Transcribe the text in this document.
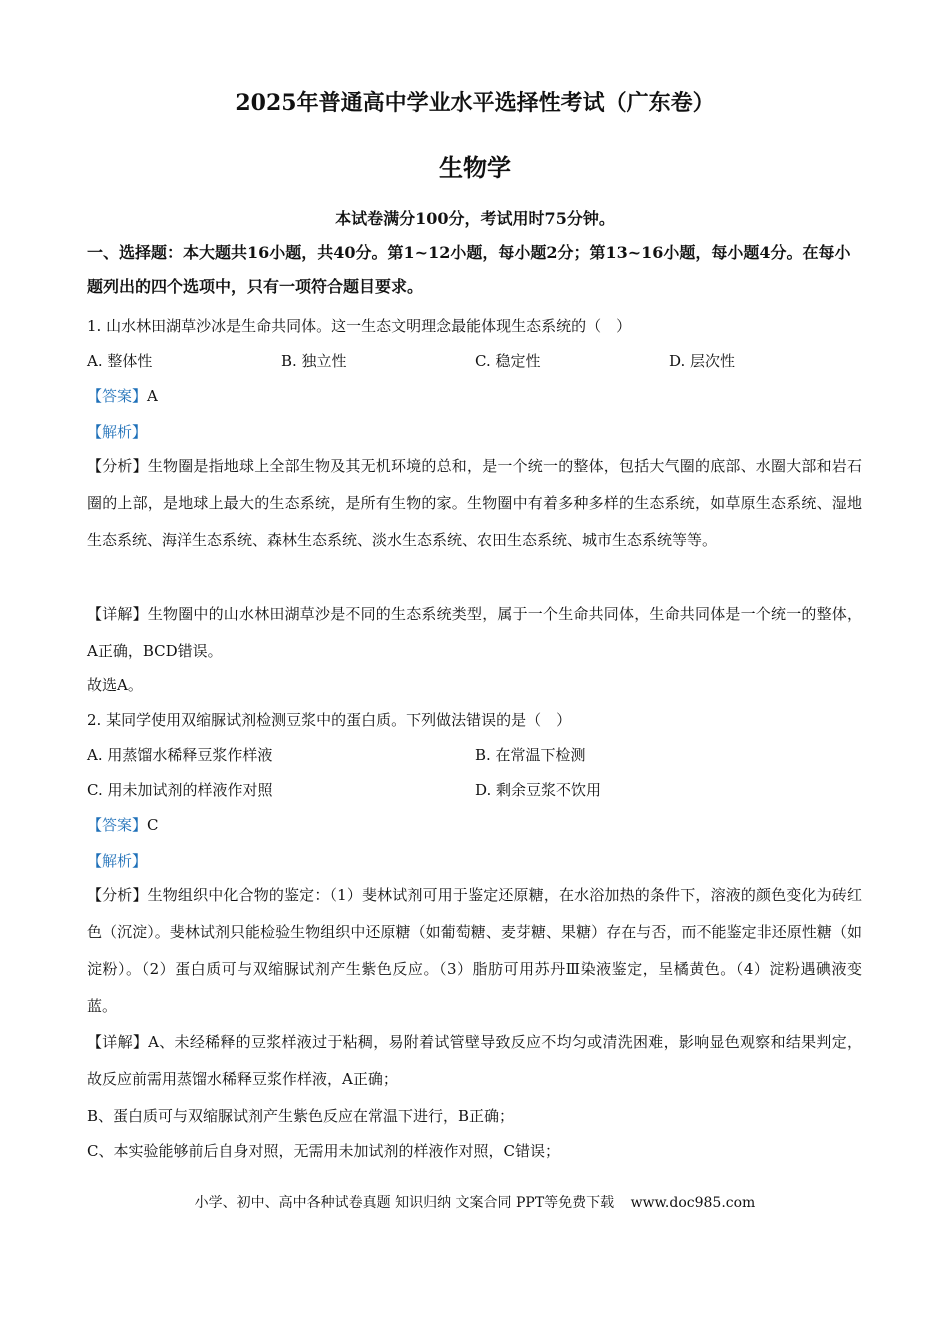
2025年普通高中学业水平选择性考试（广东卷）
生物学
本试卷满分100分，考试用时75分钟。
一、选择题：本大题共16小题，共40分。第1~12小题，每小题2分；第13~16小题，每小题4分。在每小题列出的四个选项中，只有一项符合题目要求。
1. 山水林田湖草沙冰是生命共同体。这一生态文明理念最能体现生态系统的（　）
A. 整体性	B. 独立性	C. 稳定性	D. 层次性
【答案】A
【解析】
【分析】生物圈是指地球上全部生物及其无机环境的总和，是一个统一的整体，包括大气圈的底部、水圈大部和岩石圈的上部，是地球上最大的生态系统，是所有生物的家。生物圈中有着多种多样的生态系统，如草原生态系统、湿地生态系统、海洋生态系统、森林生态系统、淡水生态系统、农田生态系统、城市生态系统等等。
【详解】生物圈中的山水林田湖草沙是不同的生态系统类型，属于一个生命共同体，生命共同体是一个统一的整体，A正确，BCD错误。
故选A。
2. 某同学使用双缩脲试剂检测豆浆中的蛋白质。下列做法错误的是（　）
A. 用蒸馏水稀释豆浆作样液	B. 在常温下检测
C. 用未加试剂的样液作对照	D. 剩余豆浆不饮用
【答案】C
【解析】
【分析】生物组织中化合物的鉴定：（1）斐林试剂可用于鉴定还原糖，在水浴加热的条件下，溶液的颜色变化为砖红色（沉淀）。斐林试剂只能检验生物组织中还原糖（如葡萄糖、麦芽糖、果糖）存在与否，而不能鉴定非还原性糖（如淀粉）。（2）蛋白质可与双缩脲试剂产生紫色反应。（3）脂肪可用苏丹Ⅲ染液鉴定，呈橘黄色。（4）淀粉遇碘液变蓝。
【详解】A、未经稀释的豆浆样液过于粘稠，易附着试管壁导致反应不均匀或清洗困难，影响显色观察和结果判定，故反应前需用蒸馏水稀释豆浆作样液，A正确；
B、蛋白质可与双缩脲试剂产生紫色反应在常温下进行，B正确；
C、本实验能够前后自身对照，无需用未加试剂的样液作对照，C错误；
小学、初中、高中各种试卷真题 知识归纳 文案合同 PPT等免费下载 www.doc985.com
